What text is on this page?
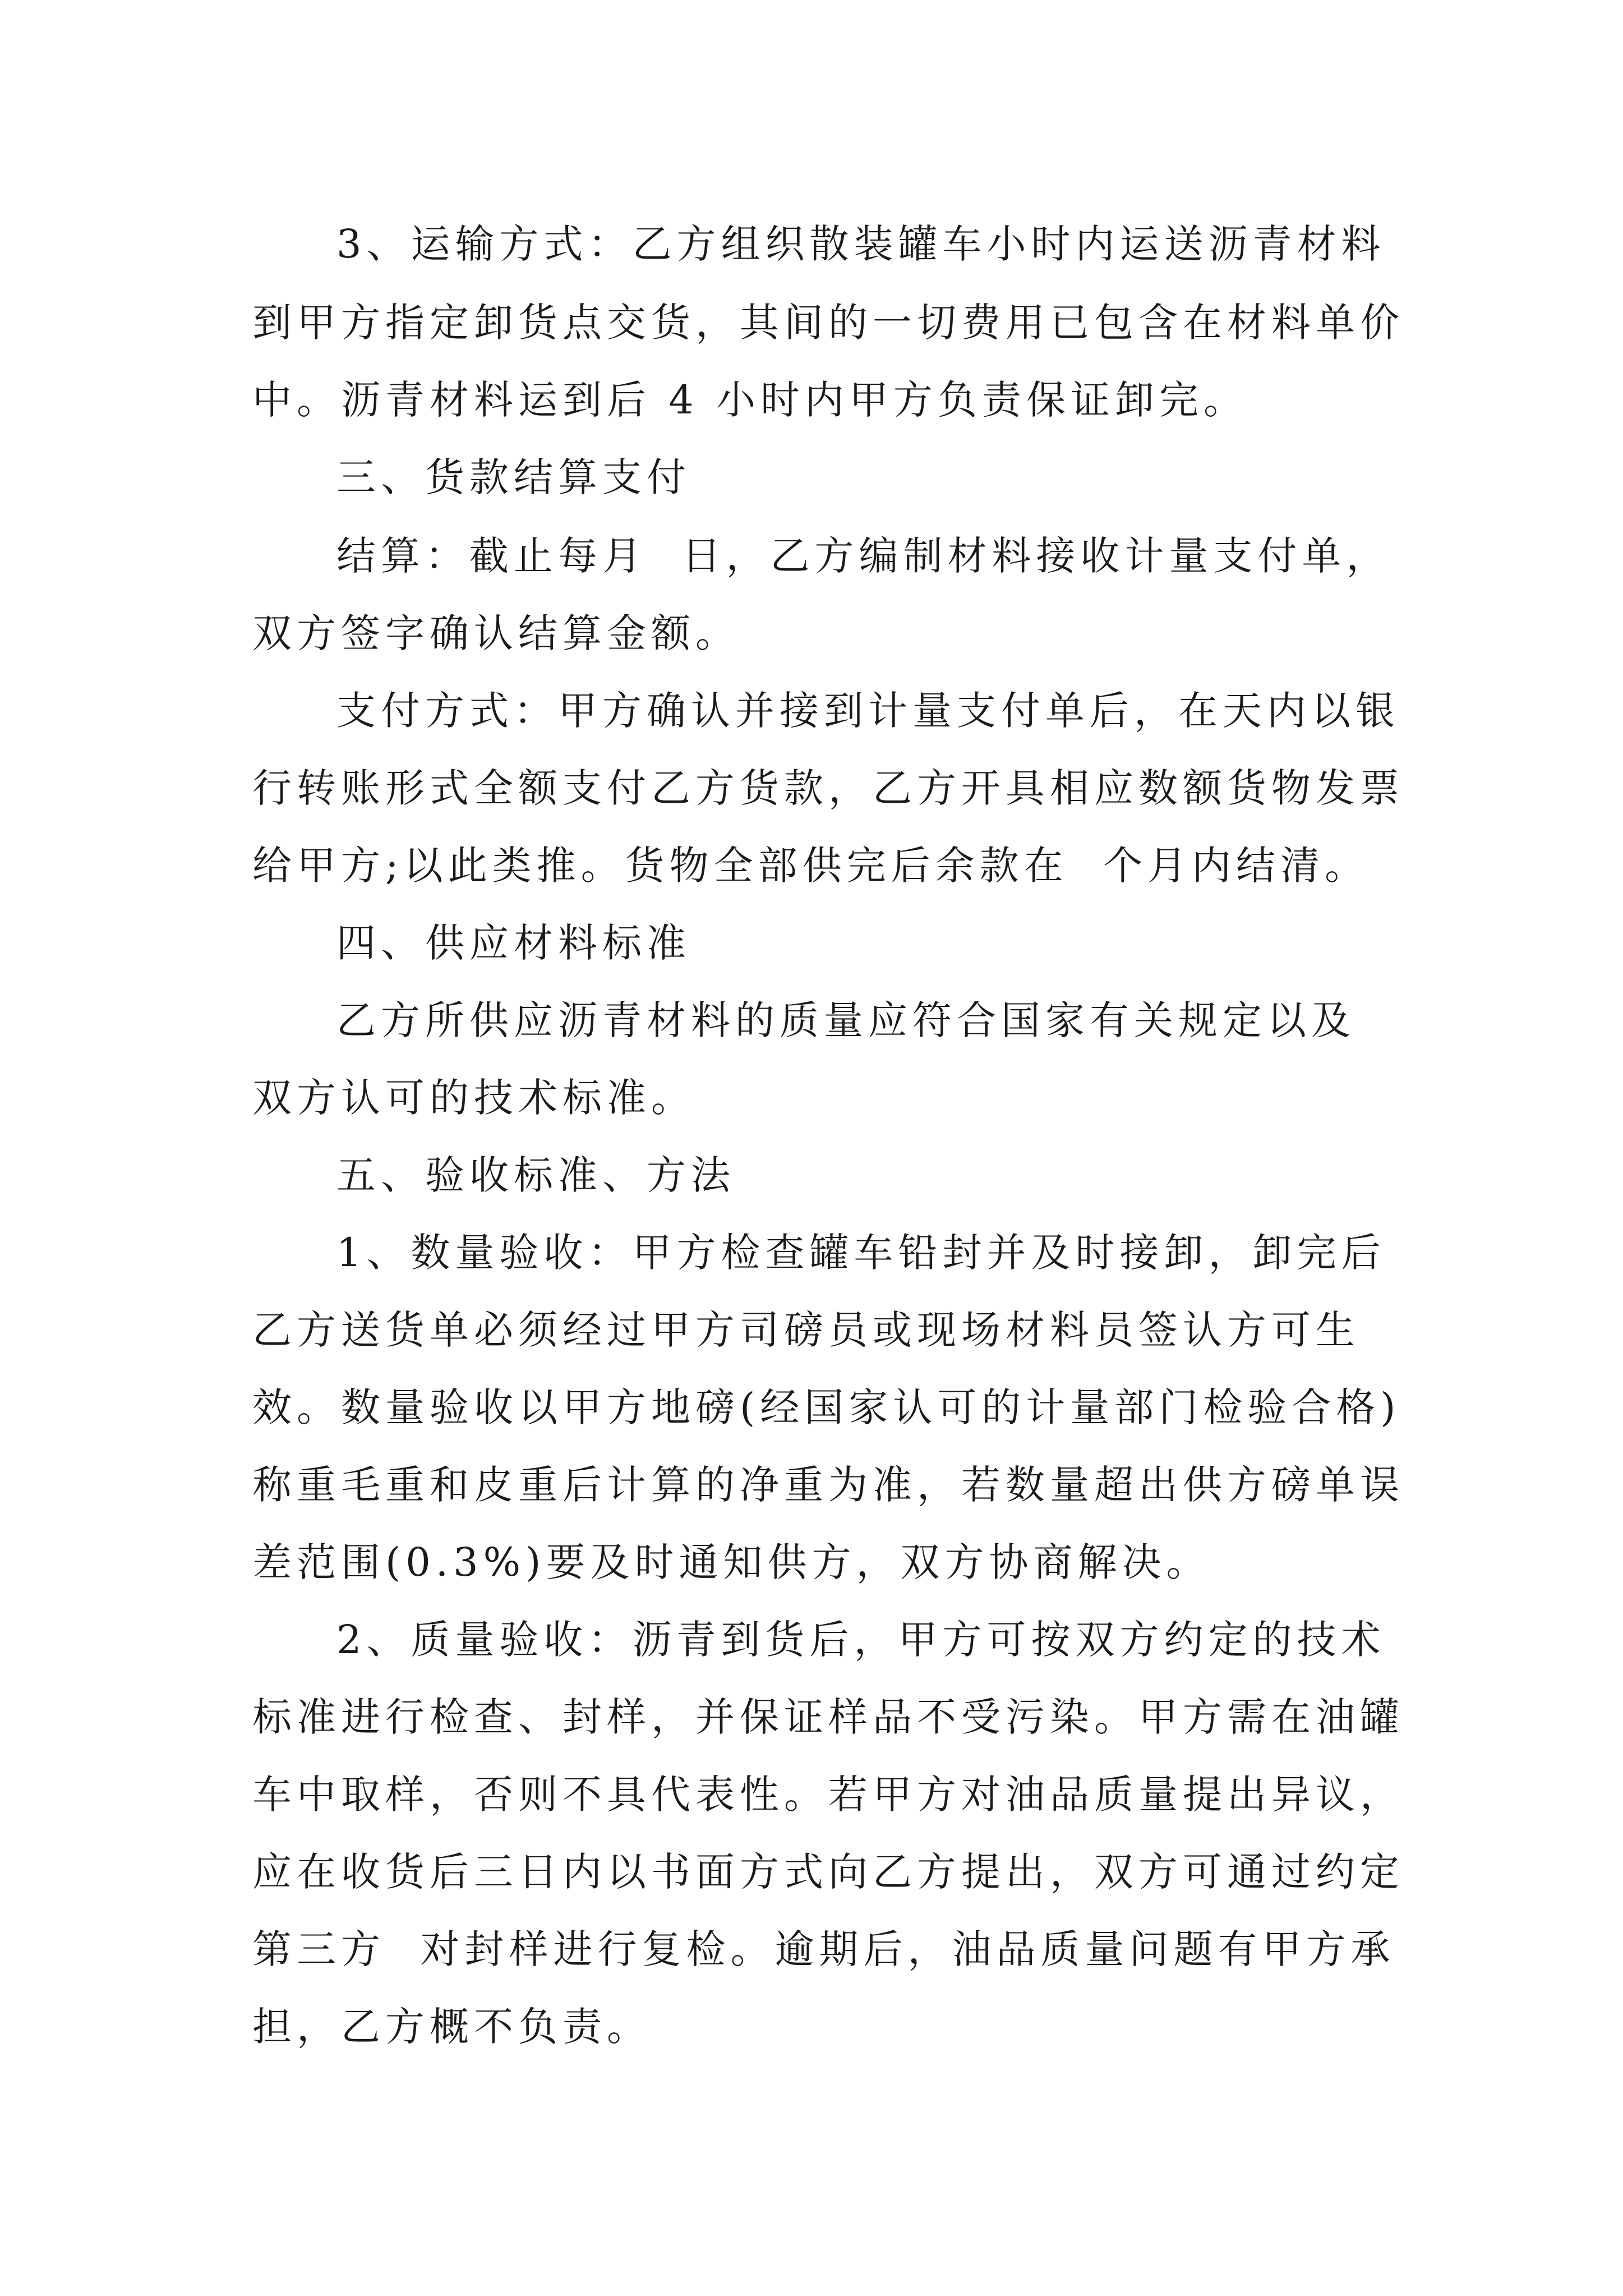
3、运输方式：乙方组织散装罐车小时内运送沥青材料
到甲方指定卸货点交货，其间的一切费用已包含在材料单价
中。沥青材料运到后 4 小时内甲方负责保证卸完。
三、货款结算支付
结算：截止每月  日，乙方编制材料接收计量支付单，
双方签字确认结算金额。
支付方式：甲方确认并接到计量支付单后，在天内以银
行转账形式全额支付乙方货款，乙方开具相应数额货物发票
给甲方;以此类推。货物全部供完后余款在  个月内结清。
四、供应材料标准
乙方所供应沥青材料的质量应符合国家有关规定以及
双方认可的技术标准。
五、验收标准、方法
1、数量验收：甲方检查罐车铅封并及时接卸，卸完后
乙方送货单必须经过甲方司磅员或现场材料员签认方可生
效。数量验收以甲方地磅(经国家认可的计量部门检验合格)
称重毛重和皮重后计算的净重为准，若数量超出供方磅单误
差范围(0.3%)要及时通知供方，双方协商解决。
2、质量验收：沥青到货后，甲方可按双方约定的技术
标准进行检查、封样，并保证样品不受污染。甲方需在油罐
车中取样，否则不具代表性。若甲方对油品质量提出异议，
应在收货后三日内以书面方式向乙方提出，双方可通过约定
第三方  对封样进行复检。逾期后，油品质量问题有甲方承
担，乙方概不负责。
